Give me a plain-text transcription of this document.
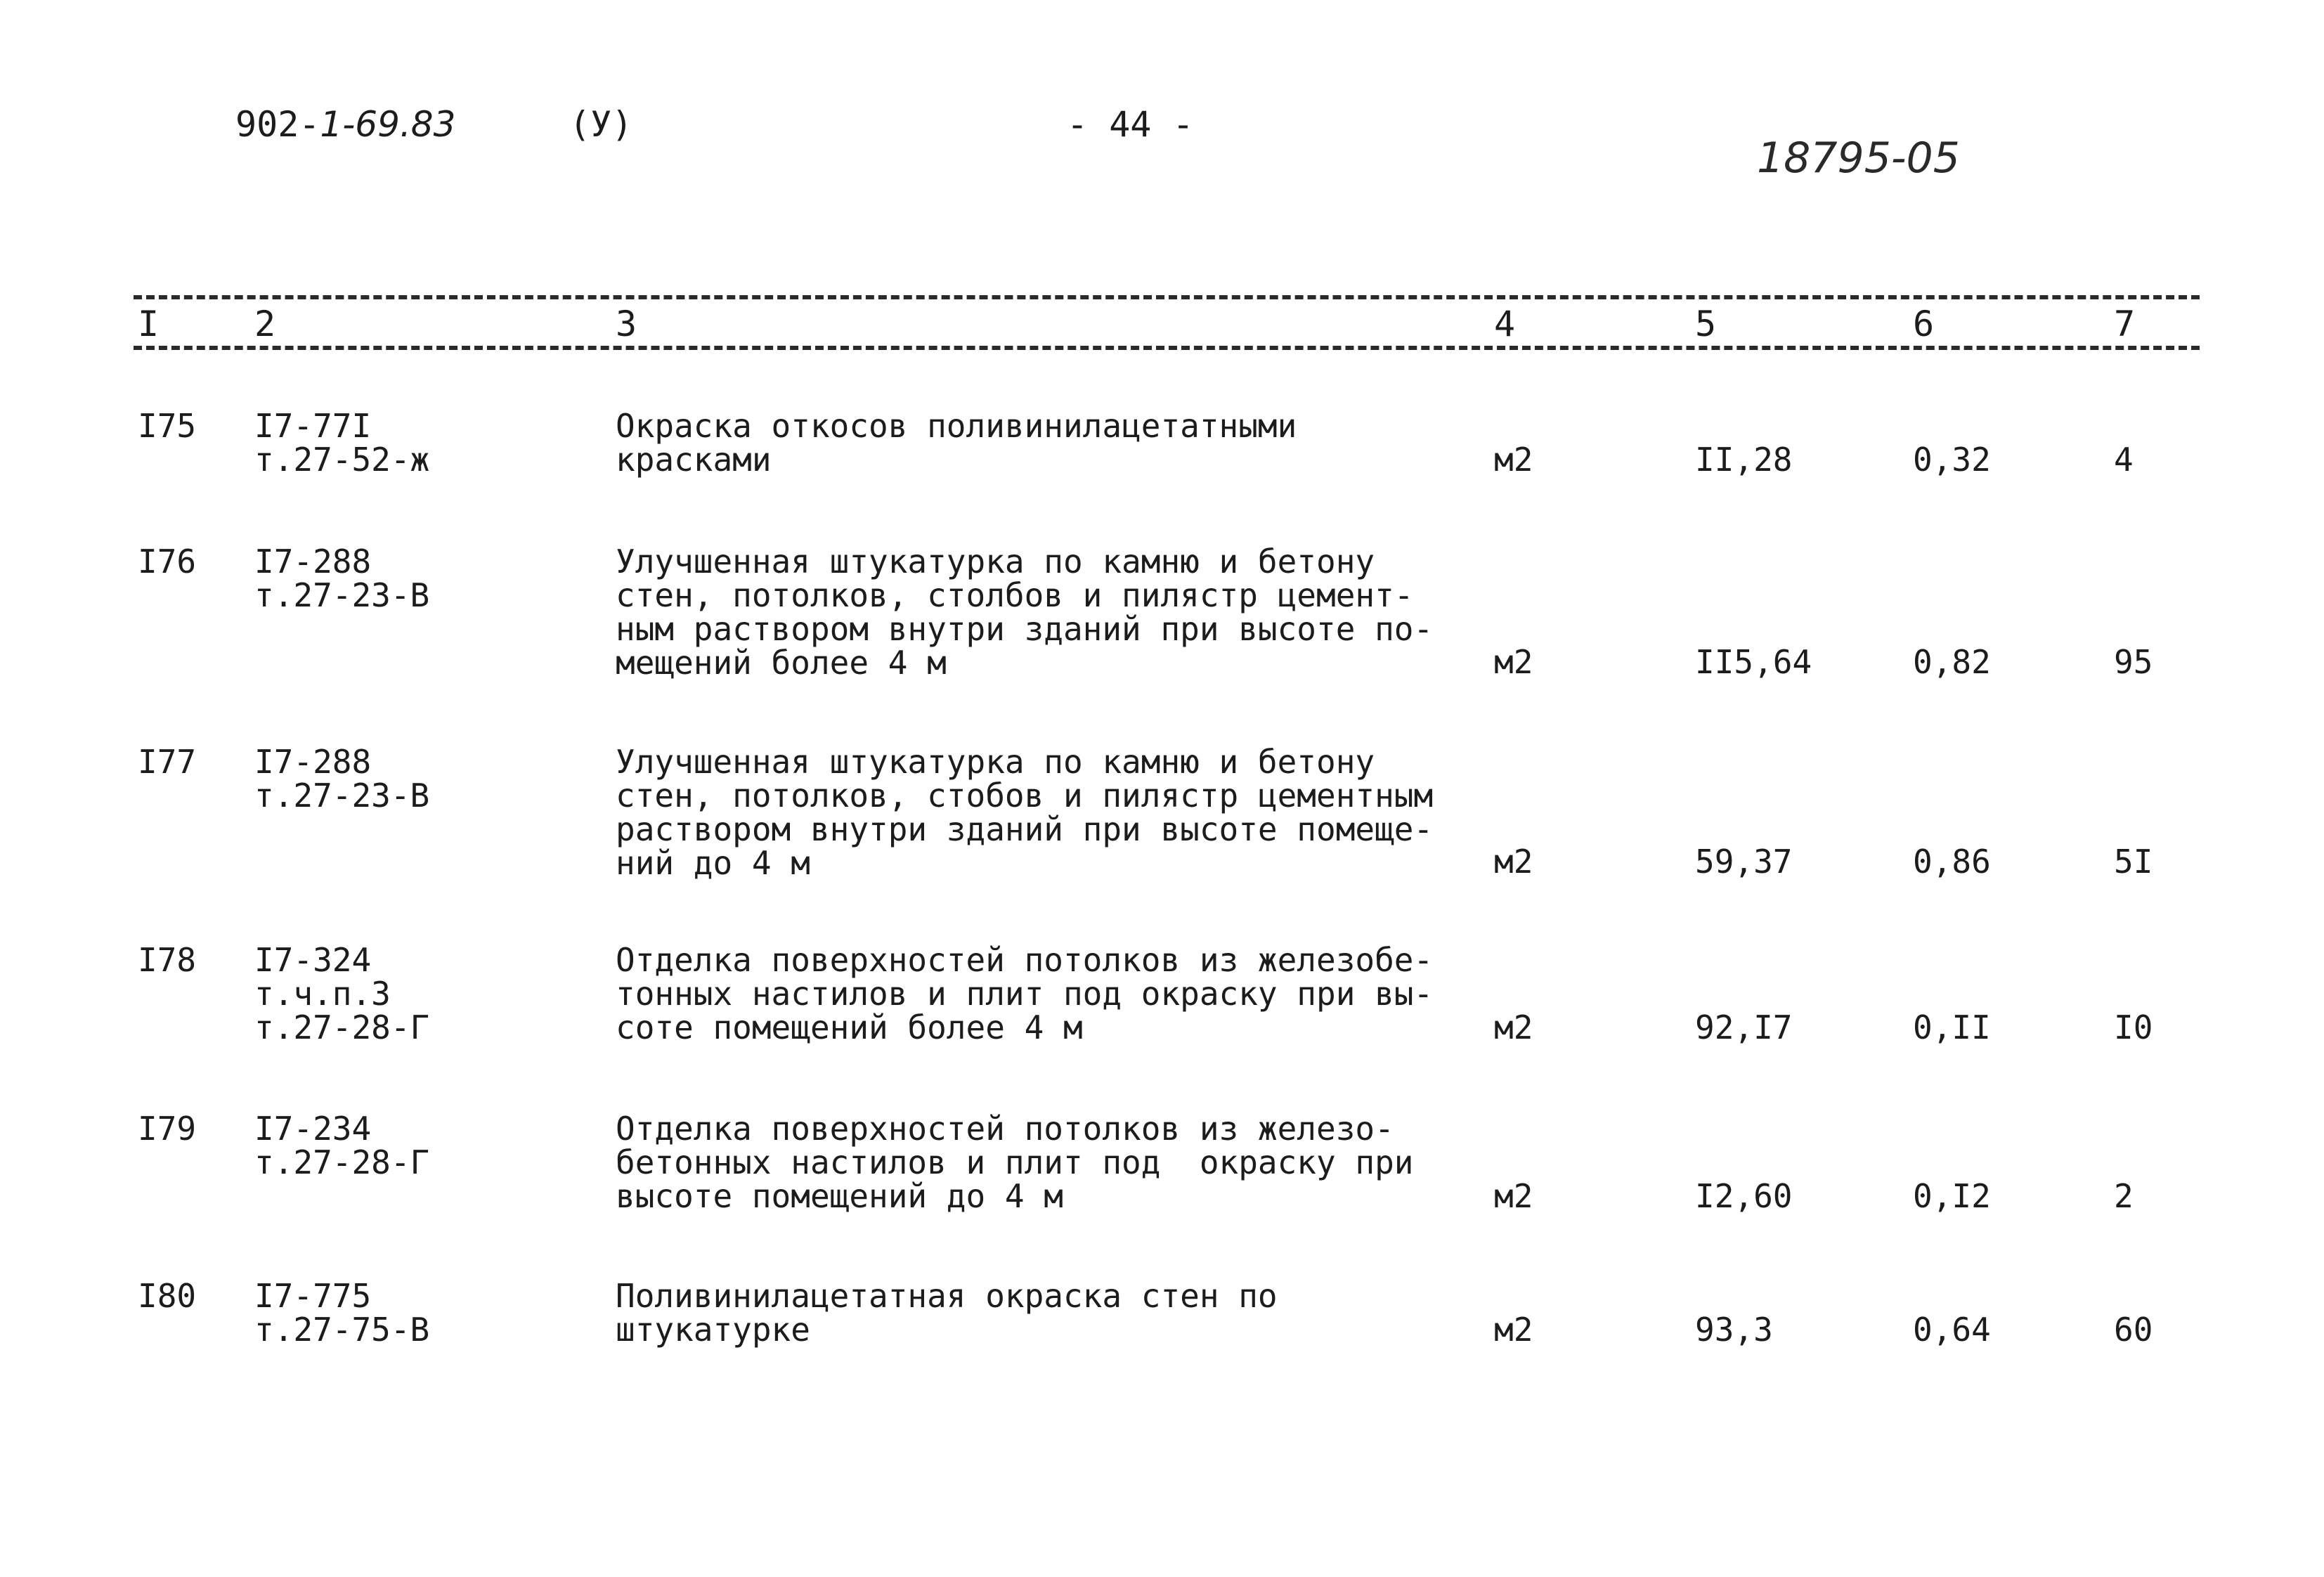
902-1-69.83	(У)	- 44 -
18795-05
I	2	3	4	5	6	7
I75 I7-77I
т.27-52-ж
Окраска откосов поливинилацетатными
красками	м2	II,28	0,32	4
I76 I7-288
т.27-23-В
Улучшенная штукатурка по камню и бетону
стен, потолков, столбов и пилястр цемент-
ным раствором внутри зданий при высоте по-
мещений более 4 м	м2	II5,64	0,82	95
I77 I7-288
т.27-23-В
Улучшенная штукатурка по камню и бетону
стен, потолков, стобов и пилястр цементным
раствором внутри зданий при высоте помеще-
ний до 4 м	м2	59,37	0,86	5I
I78 I7-324
т.ч.п.3
т.27-28-Г
Отделка поверхностей потолков из железобе-
тонных настилов и плит под окраску при вы-
соте помещений более 4 м	м2	92,I7	0,II	I0
I79 I7-234
т.27-28-Г
Отделка поверхностей потолков из железо-
бетонных настилов и плит под  окраску при
высоте помещений до 4 м	м2	I2,60	0,I2	2
I80 I7-775
т.27-75-В
Поливинилацетатная окраска стен по
штукатурке	м2	93,3	0,64	60
